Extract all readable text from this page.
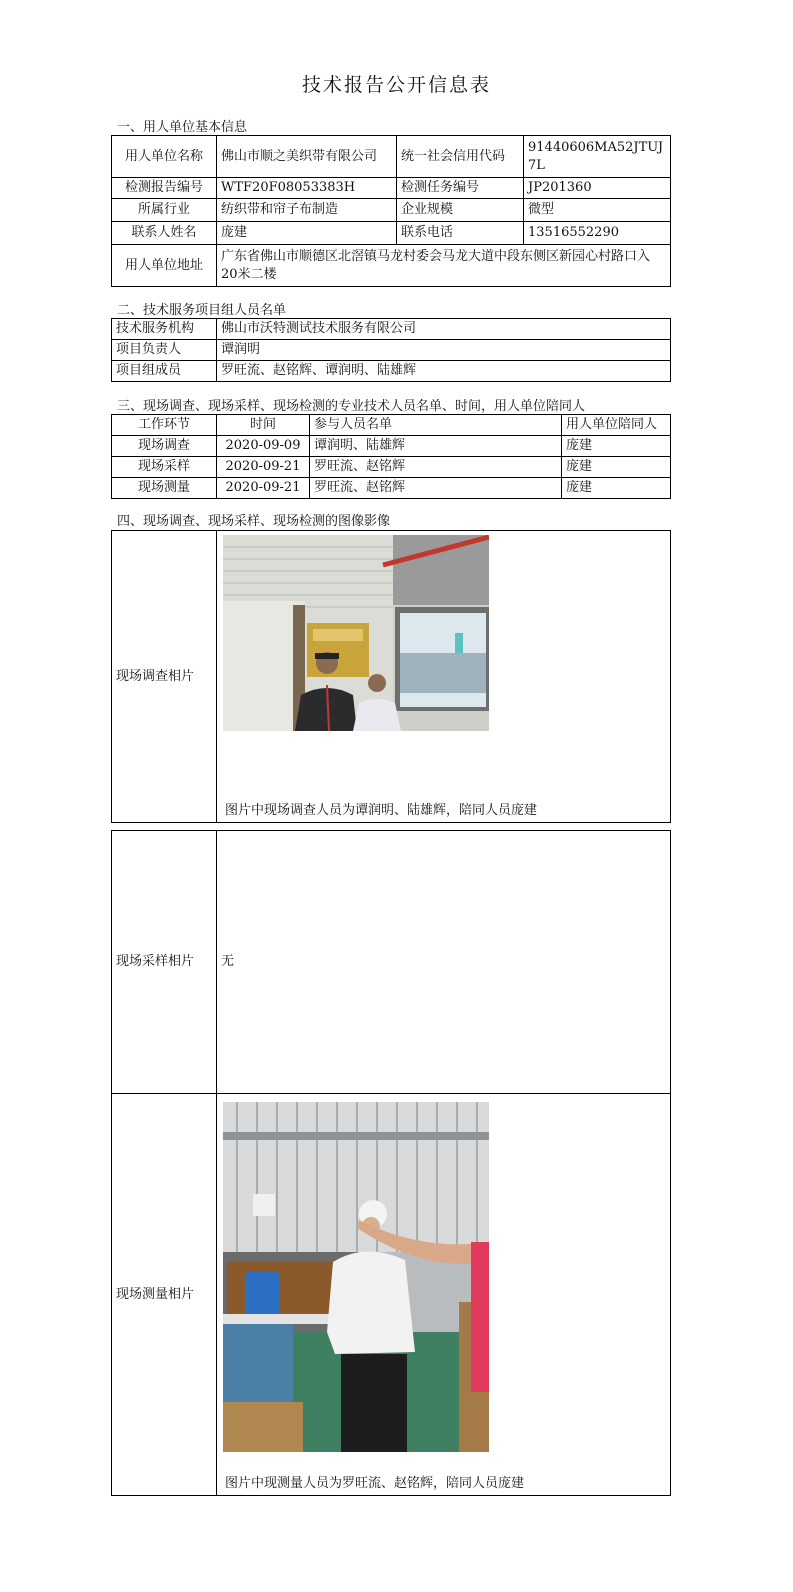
技术报告公开信息表
一、用人单位基本信息
用人单位名称	佛山市顺之美织带有限公司	统一社会信用代码	91440606MA52JTUJ7L
检测报告编号	WTF20F08053383H	检测任务编号	JP201360
所属行业	纺织带和帘子布制造	企业规模	微型
联系人姓名	庞建	联系电话	13516552290
用人单位地址	广东省佛山市顺德区北滘镇马龙村委会马龙大道中段东侧区新园心村路口入20米二楼		
二、技术服务项目组人员名单
技术服务机构	佛山市沃特测试技术服务有限公司
项目负责人	谭润明
项目组成员	罗旺流、赵铭辉、谭润明、陆雄辉
三、现场调查、现场采样、现场检测的专业技术人员名单、时间，用人单位陪同人
工作环节	时间	参与人员名单	用人单位陪同人
现场调查	2020-09-09	谭润明、陆雄辉	庞建
现场采样	2020-09-21	罗旺流、赵铭辉	庞建
现场测量	2020-09-21	罗旺流、赵铭辉	庞建
四、现场调查、现场采样、现场检测的图像影像
现场调查相片	
图片中现场调查人员为谭润明、陆雄辉，陪同人员庞建
现场采样相片	无
现场测量相片	图片中现测量人员为罗旺流、赵铭辉，陪同人员庞建
